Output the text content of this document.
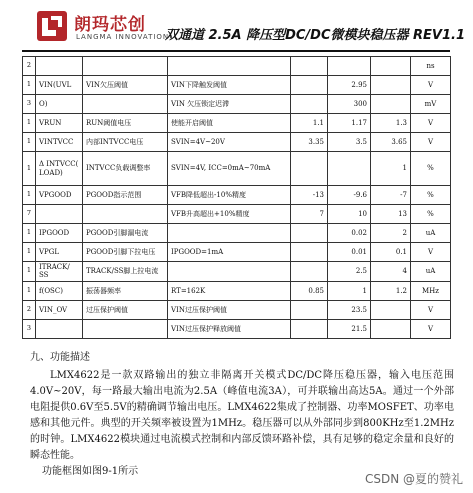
朗玛芯创
LANGMA INNOVATION
双通道 2.5A 降压型DC/DC微模块稳压器 REV1.1
2							ns
1	VIN(UVL	VIN欠压阈值	VIN下降触发阈值		2.95		V
3	O)		VIN 欠压锁定迟滞		300		mV
1	VRUN	RUN阈值电压	使能开启阈值	1.1	1.17	1.3	V
1	VINTVCC	内部INTVCC电压	SVIN=4V~20V	3.35	3.5	3.65	V
1	Δ INTVCC( LOAD)	INTVCC负载调整率	SVIN=4V, ICC=0mA~70mA			1	%
1	VPGOOD	PGOOD指示范围	VFB降低超出-10%精度	-13	-9.6	-7	%
7			VFB升高超出+10%精度	7	10	13	%
1	IPGOOD	PGOOD引脚漏电流			0.02	2	uA
1	VPGL	PGOOD引脚下拉电压	IPGOOD=1mA		0.01	0.1	V
1	ITRACK/ SS	TRACK/SS脚上拉电流			2.5	4	uA
1	f(OSC)	振荡器频率	RT=162K	0.85	1	1.2	MHz
2	VIN_OV	过压保护阈值	VIN过压保护阈值		23.5		V
3			VIN过压保护释放阈值		21.5		V
九、功能描述

LMX4622是一款双路输出的独立非隔离开关模式DC/DC降压稳压器，输入电压范围4.0V~20V，每一路最大输出电流为2.5A（峰值电流3A），可并联输出高达5A。通过一个外部电阻提供0.6V至5.5V的精确调节输出电压。LMX4622集成了控制器、功率MOSFET、功率电感和其他元件。典型的开关频率被设置为1MHz。稳压器可以从外部同步到800KHz至1.2MHz的时钟。LMX4622模块通过电流模式控制和内部反馈环路补偿，具有足够的稳定余量和良好的瞬态性能。

功能框图如图9-1所示

CSDN @夏的赞礼
